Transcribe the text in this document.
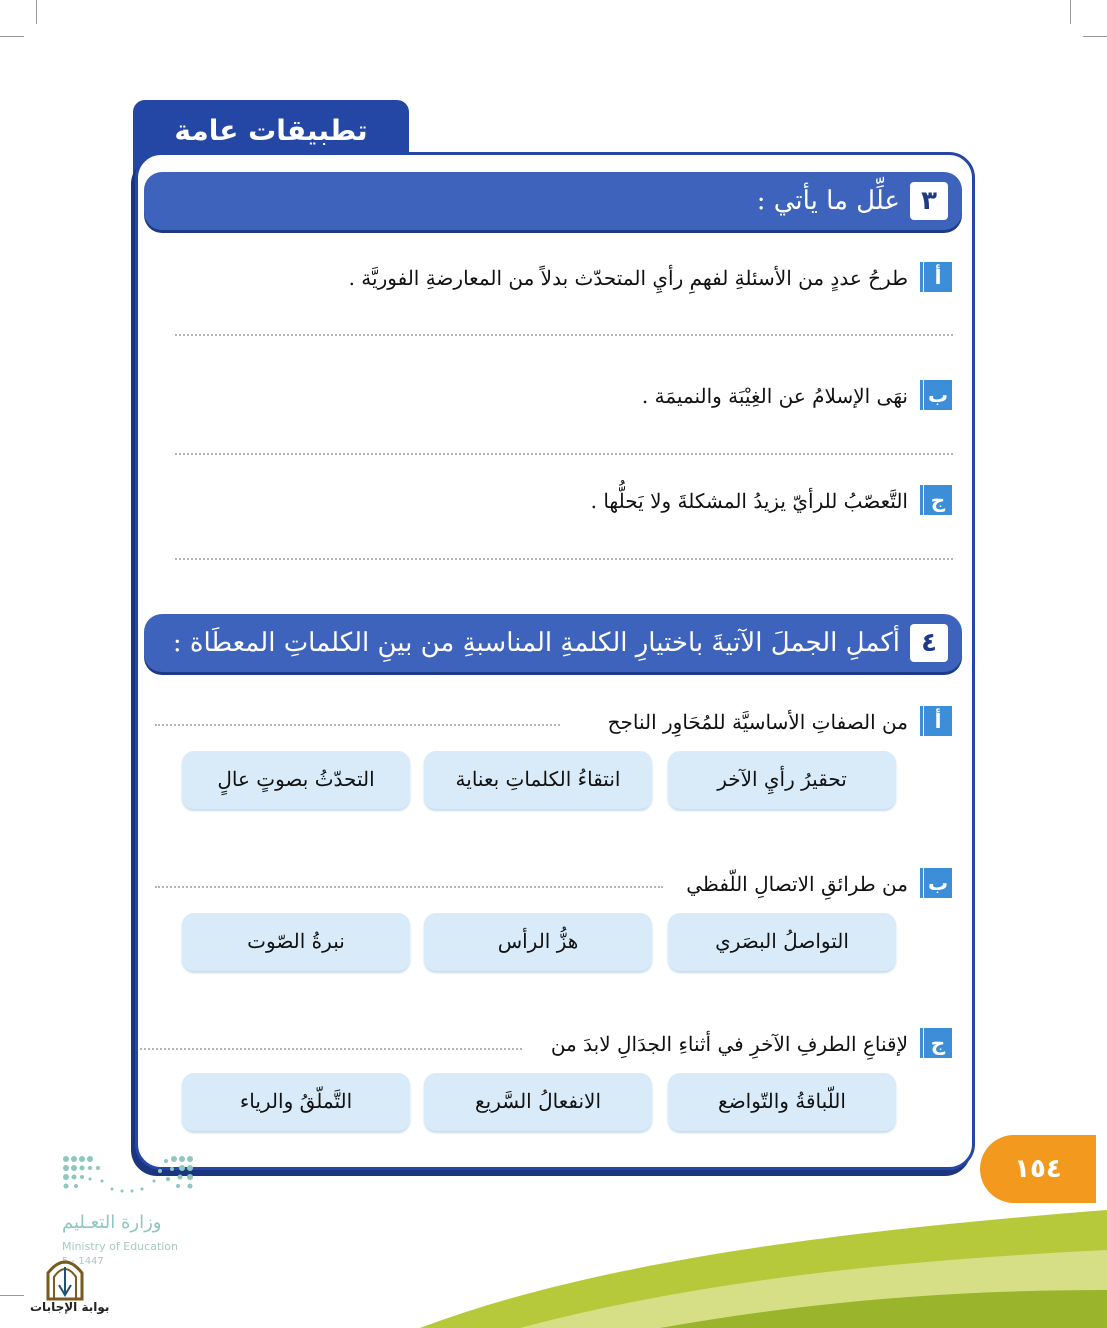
تطبيقات عامة
٣
علِّل ما يأتي :
أ
طرحُ عددٍ من الأسئلةِ لفهمِ رأيِ المتحدّث بدلاً من المعارضةِ الفوريَّة .
ب
نهَى الإسلامُ عن الغِيْبَة والنميمَة .
ج
التَّعصّبُ للرأيّ يزيدُ المشكلةَ ولا يَحلُّها .
٤
أكملِ الجملَ الآتيةَ باختيارِ الكلمةِ المناسبةِ من بينِ الكلماتِ المعطَاة :
أ
من الصفاتِ الأساسيَّة للمُحَاوِر الناجح
تحقيرُ رأيِ الآخر
انتقاءُ الكلماتِ بعناية
التحدّثُ بصوتٍ عالٍ
ب
من طرائقِ الاتصالِ اللّفظي
التواصلُ البصَري
هزُّ الرأس
نبرةُ الصّوت
ج
لإقناعِ الطرفِ الآخرِ في أثناءِ الجدَالِ لابدَ من
اللّباقةُ والتّواضع
الانفعالُ السَّريع
التَّملّقُ والرياء
١٥٤
وزارة التعـليم
Ministry of Education
5 - 1447
بوابة الإجابات
